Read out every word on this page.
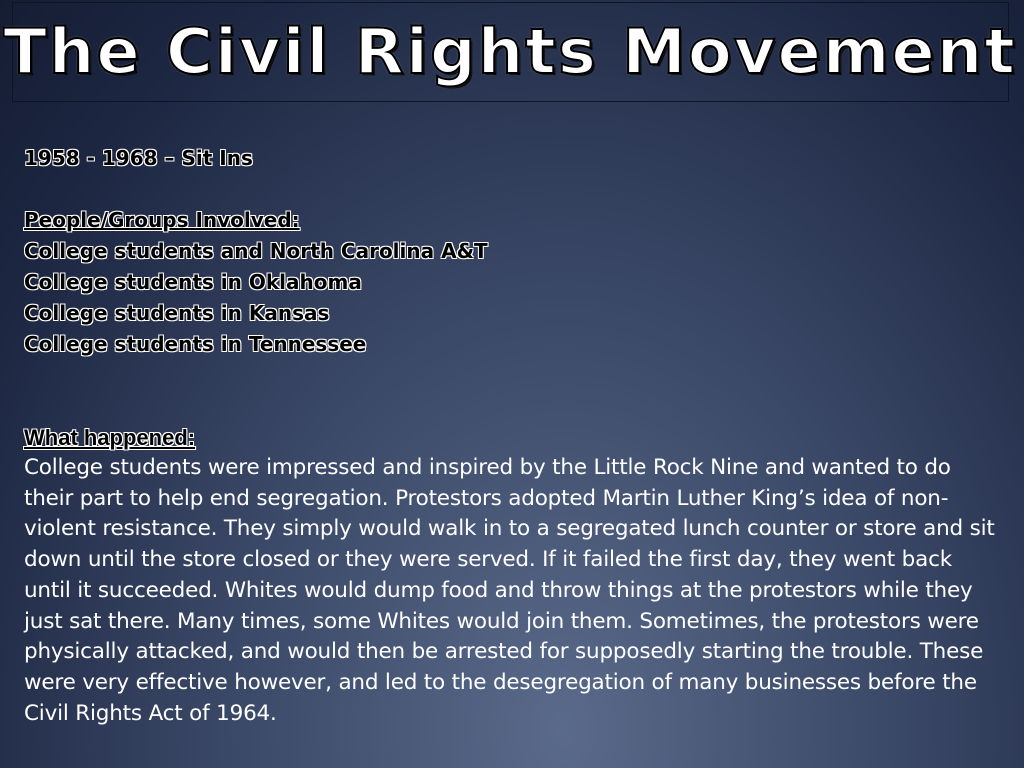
The Civil Rights Movement

1958 - 1968 – Sit Ins

People/Groups Involved:

College students and North Carolina A&T

College students in Oklahoma

College students in Kansas

College students in Tennessee

What happened:

College students were impressed and inspired by the Little Rock Nine and wanted to do their part to help end segregation. Protestors adopted Martin Luther King’s idea of non-violent resistance. They simply would walk in to a segregated lunch counter or store and sit down until the store closed or they were served. If it failed the first day, they went back until it succeeded. Whites would dump food and throw things at the protestors while they just sat there. Many times, some Whites would join them. Sometimes, the protestors were physically attacked, and would then be arrested for supposedly starting the trouble. These were very effective however, and led to the desegregation of many businesses before the Civil Rights Act of 1964.
